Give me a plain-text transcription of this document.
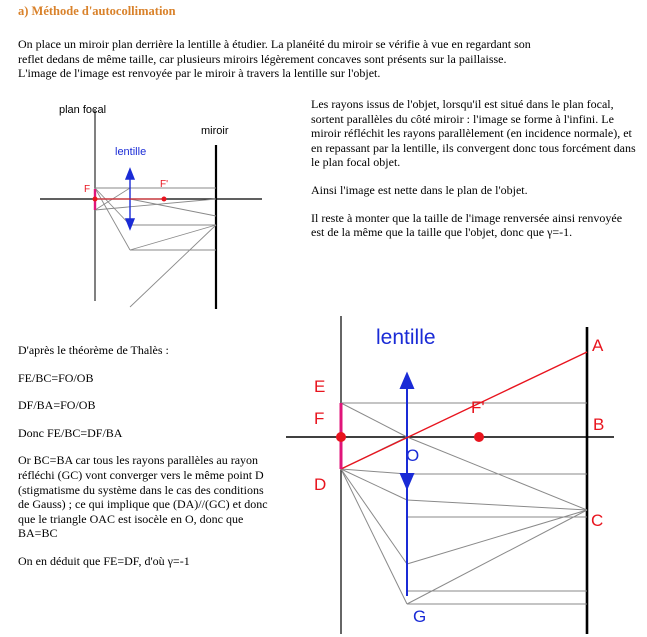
a) Méthode d'autocollimation
On place un miroir plan derrière la lentille à étudier. La planéité du miroir se vérifie à vue en regardant son
reflet dedans de même taille, car plusieurs miroirs légèrement concaves sont présents sur la paillaisse.
L'image de l'image est renvoyée par le miroir à travers la lentille sur l'objet.
plan focal
miroir
lentille
F	F'
Les rayons issus de l'objet, lorsqu'il est situé dans le plan focal, sortent parallèles du côté miroir : l'image se forme à l'infini. Le miroir réfléchit les rayons parallèlement (en incidence normale), et en repassant par la lentille, ils convergent donc tous forcément dans le plan focal objet.
Ainsi l'image est nette dans le plan de l'objet.
Il reste à monter que la taille de l'image renversée ainsi renvoyée est de la même que la taille que l'objet, donc que γ=-1.
D'après le théorème de Thalès :
FE/BC=FO/OB
DF/BA=FO/OB
Donc FE/BC=DF/BA
Or BC=BA car tous les rayons parallèles au rayon réfléchi (GC) vont converger vers le même point D (stigmatisme du système dans le cas des conditions de Gauss) ; ce qui implique que (DA)//(GC) et donc que le triangle OAC est isocèle en O, donc que BA=BC
On en déduit que FE=DF, d'où γ=-1
lentille	A
B
C
D
E
F
F'
O
G
